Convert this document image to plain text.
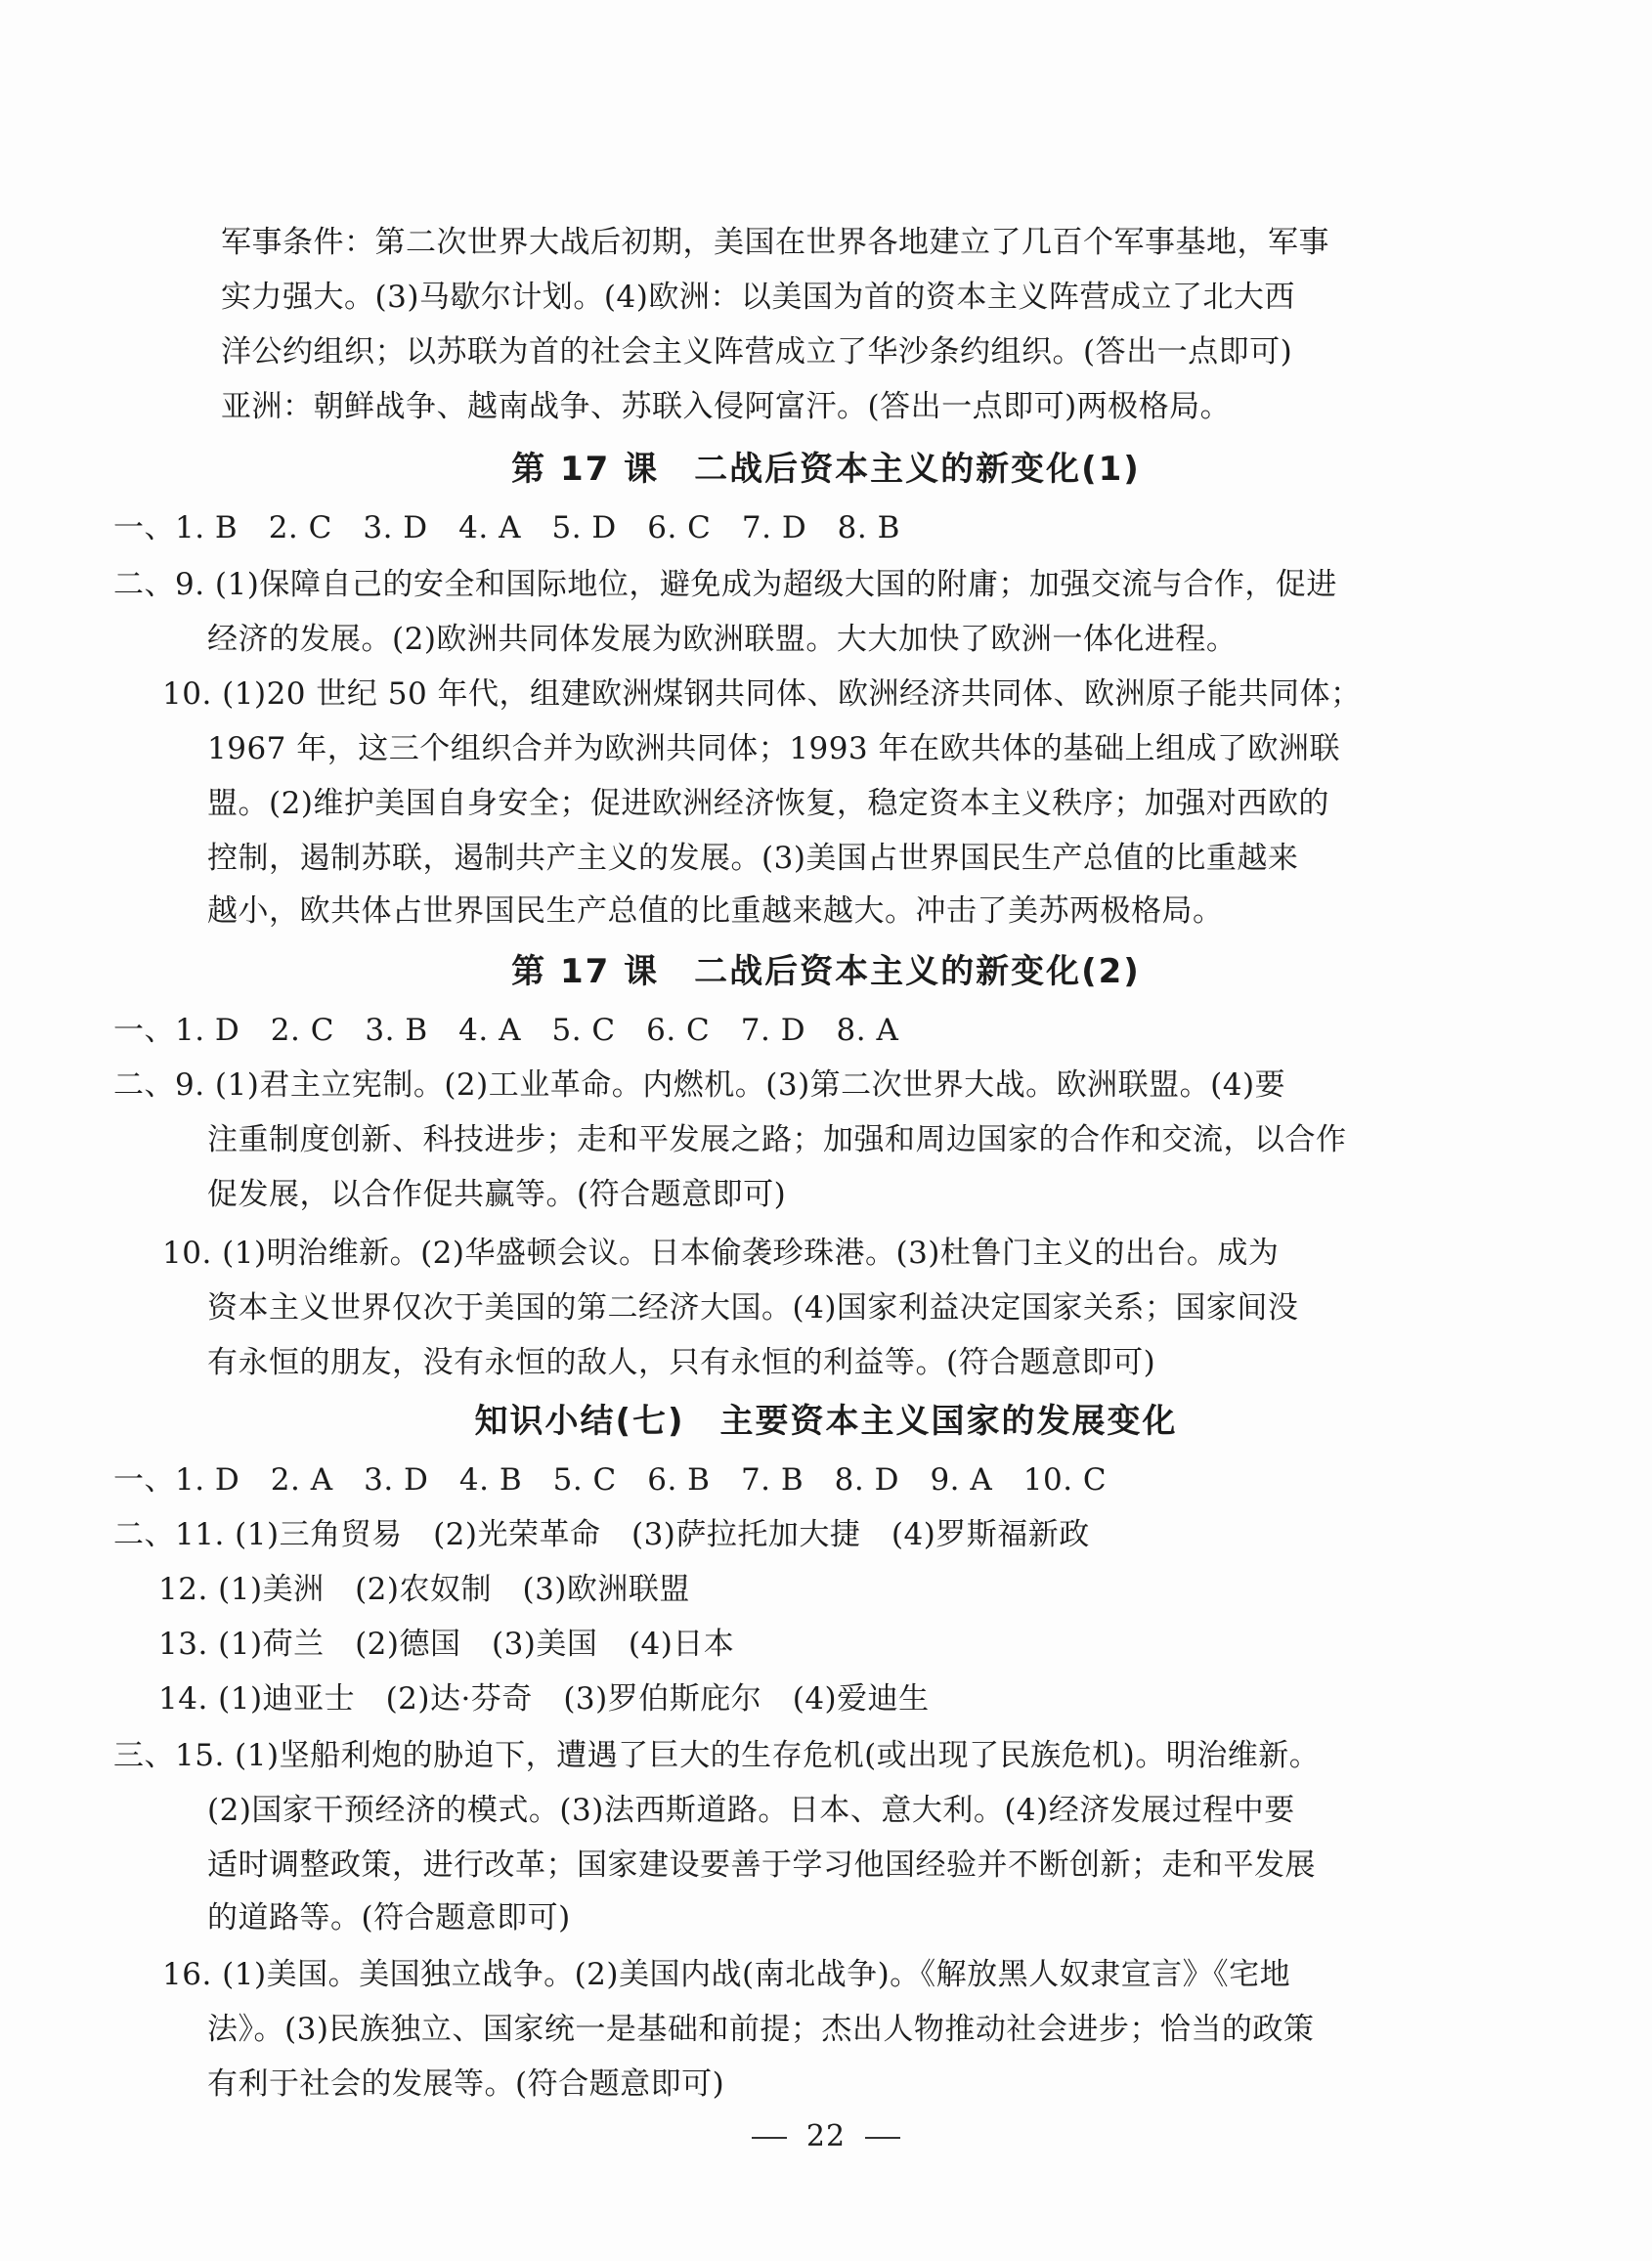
军事条件：第二次世界大战后初期，美国在世界各地建立了几百个军事基地，军事
实力强大。(3)马歇尔计划。(4)欧洲：以美国为首的资本主义阵营成立了北大西
洋公约组织；以苏联为首的社会主义阵营成立了华沙条约组织。(答出一点即可)
亚洲：朝鲜战争、越南战争、苏联入侵阿富汗。(答出一点即可)两极格局。
第 17 课　二战后资本主义的新变化(1)
一、1. B　2. C　3. D　4. A　5. D　6. C　7. D　8. B
二、9. (1)保障自己的安全和国际地位，避免成为超级大国的附庸；加强交流与合作，促进
经济的发展。(2)欧洲共同体发展为欧洲联盟。大大加快了欧洲一体化进程。
10. (1)20 世纪 50 年代，组建欧洲煤钢共同体、欧洲经济共同体、欧洲原子能共同体；
1967 年，这三个组织合并为欧洲共同体；1993 年在欧共体的基础上组成了欧洲联
盟。(2)维护美国自身安全；促进欧洲经济恢复，稳定资本主义秩序；加强对西欧的
控制，遏制苏联，遏制共产主义的发展。(3)美国占世界国民生产总值的比重越来
越小，欧共体占世界国民生产总值的比重越来越大。冲击了美苏两极格局。
第 17 课　二战后资本主义的新变化(2)
一、1. D　2. C　3. B　4. A　5. C　6. C　7. D　8. A
二、9. (1)君主立宪制。(2)工业革命。内燃机。(3)第二次世界大战。欧洲联盟。(4)要
注重制度创新、科技进步；走和平发展之路；加强和周边国家的合作和交流，以合作
促发展，以合作促共赢等。(符合题意即可)
10. (1)明治维新。(2)华盛顿会议。日本偷袭珍珠港。(3)杜鲁门主义的出台。成为
资本主义世界仅次于美国的第二经济大国。(4)国家利益决定国家关系；国家间没
有永恒的朋友，没有永恒的敌人，只有永恒的利益等。(符合题意即可)
知识小结(七)　主要资本主义国家的发展变化
一、1. D　2. A　3. D　4. B　5. C　6. B　7. B　8. D　9. A　10. C
二、11. (1)三角贸易　(2)光荣革命　(3)萨拉托加大捷　(4)罗斯福新政
12. (1)美洲　(2)农奴制　(3)欧洲联盟
13. (1)荷兰　(2)德国　(3)美国　(4)日本
14. (1)迪亚士　(2)达·芬奇　(3)罗伯斯庇尔　(4)爱迪生
三、15. (1)坚船利炮的胁迫下，遭遇了巨大的生存危机(或出现了民族危机)。明治维新。
(2)国家干预经济的模式。(3)法西斯道路。日本、意大利。(4)经济发展过程中要
适时调整政策，进行改革；国家建设要善于学习他国经验并不断创新；走和平发展
的道路等。(符合题意即可)
16. (1)美国。美国独立战争。(2)美国内战(南北战争)。《解放黑人奴隶宣言》《宅地
法》。(3)民族独立、国家统一是基础和前提；杰出人物推动社会进步；恰当的政策
有利于社会的发展等。(符合题意即可)
22
